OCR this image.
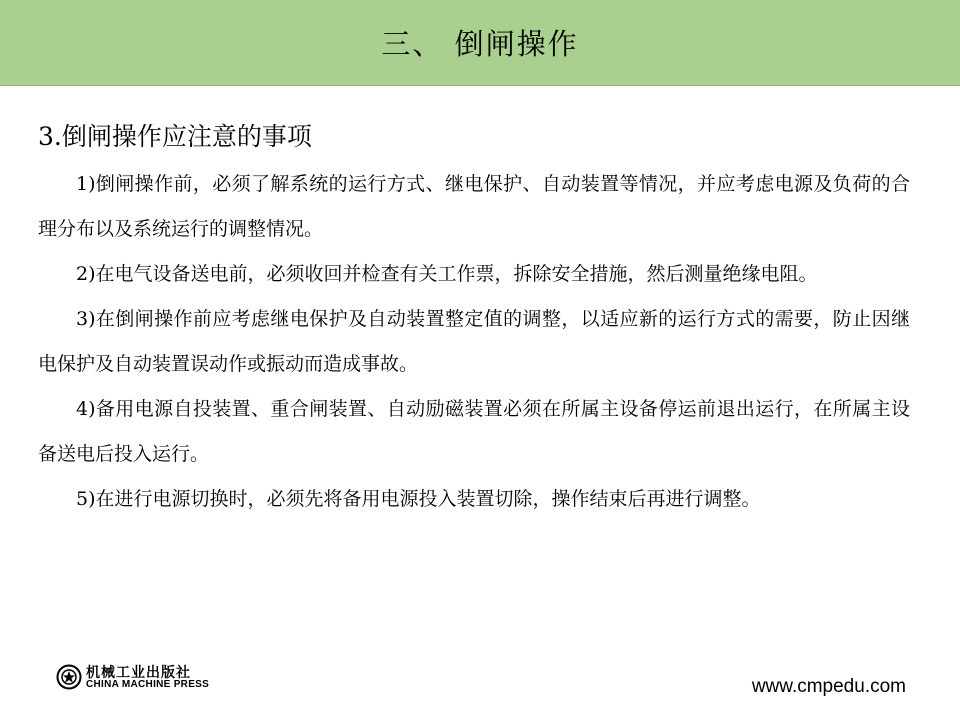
三、 倒闸操作
3.倒闸操作应注意的事项

1)倒闸操作前，必须了解系统的运行方式、继电保护、自动装置等情况，并应考虑电源及负荷的合理分布以及系统运行的调整情况。

2)在电气设备送电前，必须收回并检查有关工作票，拆除安全措施，然后测量绝缘电阻。

3)在倒闸操作前应考虑继电保护及自动装置整定值的调整，以适应新的运行方式的需要，防止因继电保护及自动装置误动作或振动而造成事故。

4)备用电源自投装置、重合闸装置、自动励磁装置必须在所属主设备停运前退出运行，在所属主设备送电后投入运行。

5)在进行电源切换时，必须先将备用电源投入装置切除，操作结束后再进行调整。

机械工业出版社
CHINA MACHINE PRESS	www.cmpedu.com
